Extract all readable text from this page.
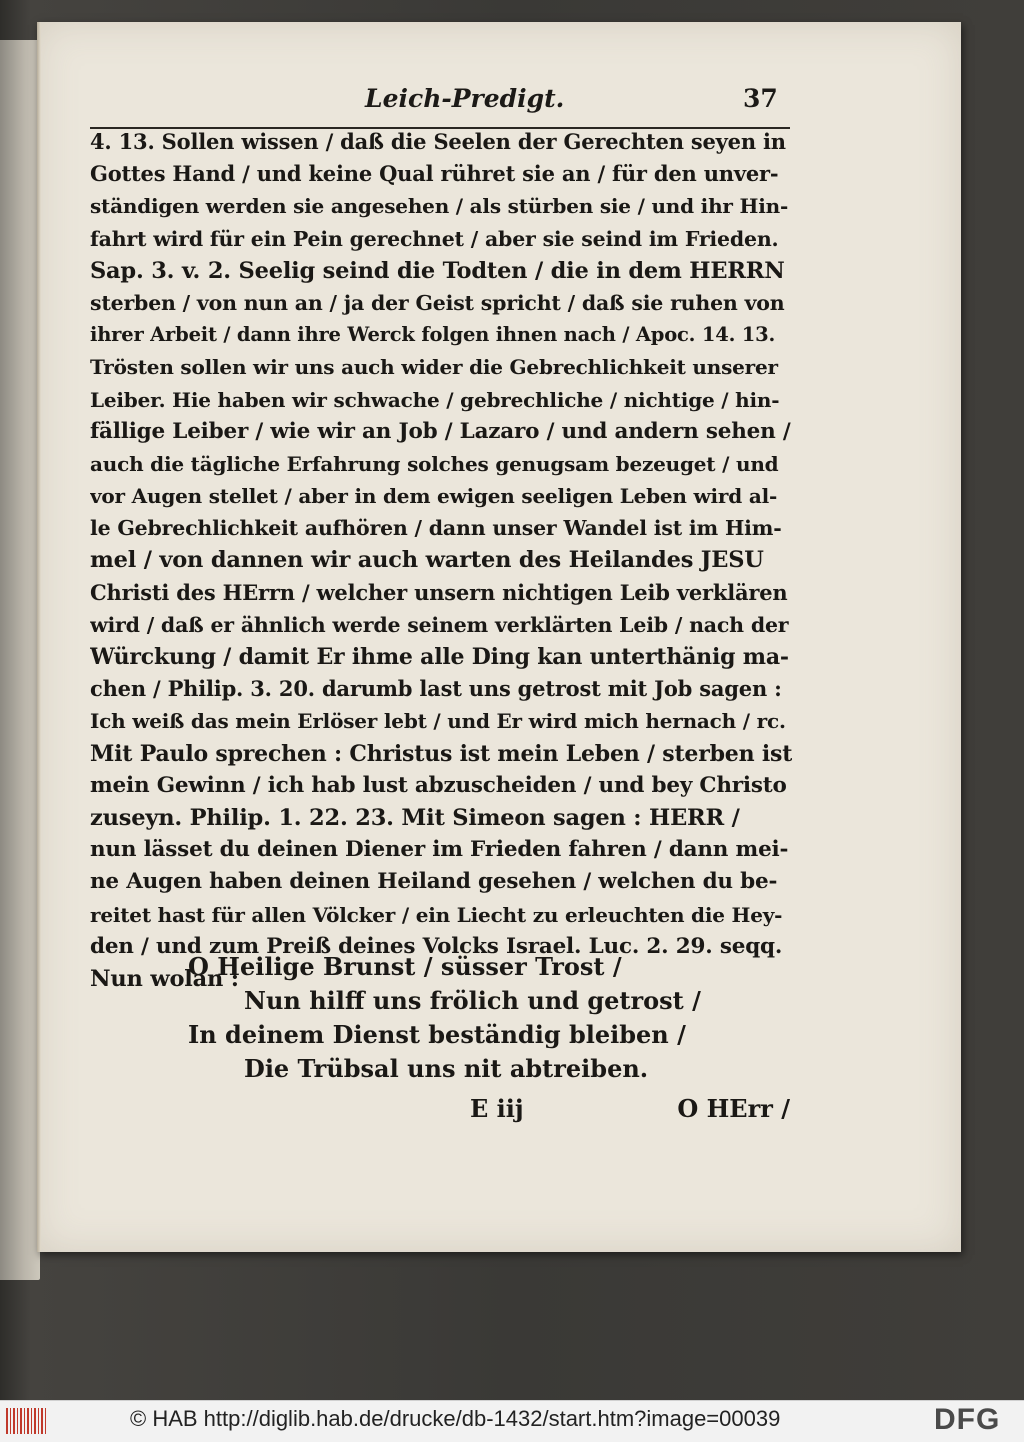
Leich-Predigt.	37
4. 13. Sollen wissen / daß die Seelen der Gerechten seyen in
Gottes Hand / und keine Qual rühret sie an / für den unver-
ständigen werden sie angesehen / als stürben sie / und ihr Hin-
fahrt wird für ein Pein gerechnet / aber sie seind im Frieden.
Sap. 3. v. 2. Seelig seind die Todten / die in dem HERRN
sterben / von nun an / ja der Geist spricht / daß sie ruhen von
ihrer Arbeit / dann ihre Werck folgen ihnen nach / Apoc. 14. 13.
Trösten sollen wir uns auch wider die Gebrechlichkeit unserer
Leiber. Hie haben wir schwache / gebrechliche / nichtige / hin-
fällige Leiber / wie wir an Job / Lazaro / und andern sehen /
auch die tägliche Erfahrung solches genugsam bezeuget / und
vor Augen stellet / aber in dem ewigen seeligen Leben wird al-
le Gebrechlichkeit aufhören / dann unser Wandel ist im Him-
mel / von dannen wir auch warten des Heilandes JESU
Christi des HErrn / welcher unsern nichtigen Leib verklären
wird / daß er ähnlich werde seinem verklärten Leib / nach der
Würckung / damit Er ihme alle Ding kan unterthänig ma-
chen / Philip. 3. 20. darumb last uns getrost mit Job sagen :
Ich weiß das mein Erlöser lebt / und Er wird mich hernach / rc.
Mit Paulo sprechen : Christus ist mein Leben / sterben ist
mein Gewinn / ich hab lust abzuscheiden / und bey Christo
zuseyn. Philip. 1. 22. 23. Mit Simeon sagen : HERR /
nun lässet du deinen Diener im Frieden fahren / dann mei-
ne Augen haben deinen Heiland gesehen / welchen du be-
reitet hast für allen Völcker / ein Liecht zu erleuchten die Hey-
den / und zum Preiß deines Volcks Israel. Luc. 2. 29. seqq.
Nun wolan :
O Heilige Brunst / süsser Trost /
Nun hilff uns frölich und getrost /
In deinem Dienst beständig bleiben /
Die Trübsal uns nit abtreiben.
E iij	O HErr /
© HAB http://diglib.hab.de/drucke/db-1432/start.htm?image=00039	DFG
